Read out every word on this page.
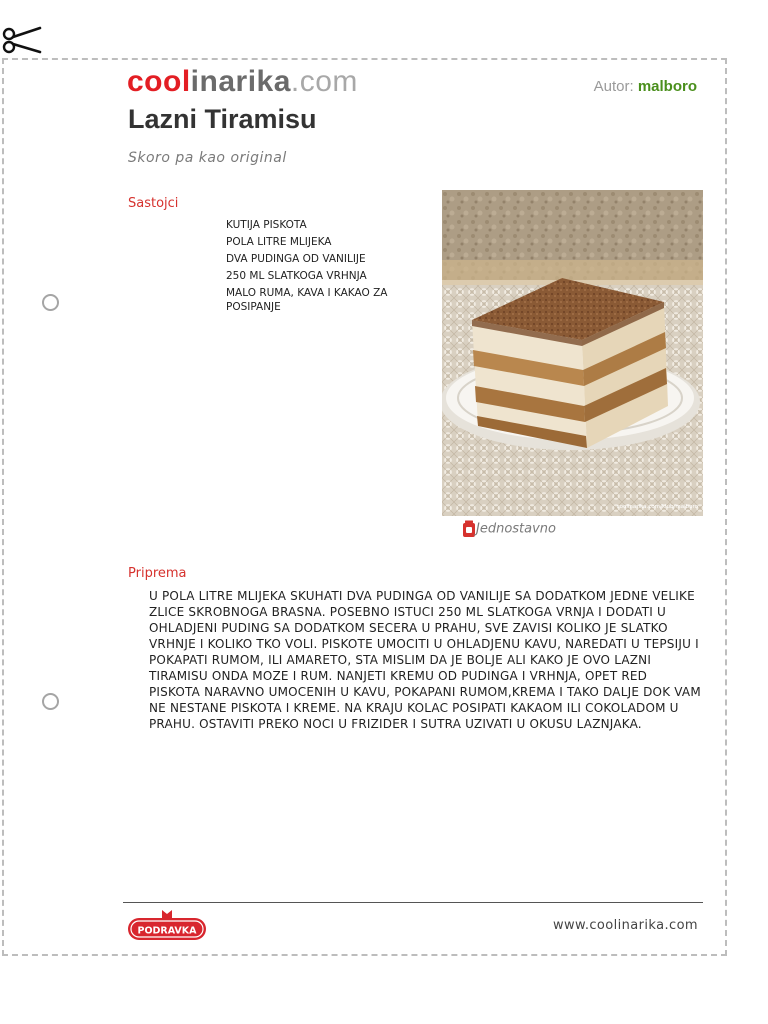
coolinarika.com	Autor: malboro
Lazni Tiramisu
Skoro pa kao original
Sastojci
KUTIJA PISKOTA
POLA LITRE MLIJEKA
DVA PUDINGA OD VANILIJE
250 ML SLATKOGA VRHNJA
MALO RUMA, KAVA I KAKAO ZA POSIPANJE
coolinarika.com/klub/malboro
Jednostavno
Priprema

U POLA LITRE MLIJEKA SKUHATI DVA PUDINGA OD VANILIJE SA DODATKOM JEDNE VELIKE ZLICE SKROBNOGA BRASNA. POSEBNO ISTUCI 250 ML SLATKOGA VRNJA I DODATI U OHLADJENI PUDING SA DODATKOM SECERA U PRAHU, SVE ZAVISI KOLIKO JE SLATKO VRHNJE I KOLIKO TKO VOLI. PISKOTE UMOCITI U OHLADJENU KAVU, NAREDATI U TEPSIJU I POKAPATI RUMOM, ILI AMARETO, STA MISLIM DA JE BOLJE ALI KAKO JE OVO LAZNI TIRAMISU ONDA MOZE I RUM. NANJETI KREMU OD PUDINGA I VRHNJA, OPET RED PISKOTA NARAVNO UMOCENIH U KAVU, POKAPANI RUMOM,KREMA I TAKO DALJE DOK VAM NE NESTANE PISKOTA I KREME. NA KRAJU KOLAC POSIPATI KAKAOM ILI COKOLADOM U PRAHU. OSTAVITI PREKO NOCI U FRIZIDER I SUTRA UZIVATI U OKUSU LAZNJAKA.

PODRAVKA	www.coolinarika.com
